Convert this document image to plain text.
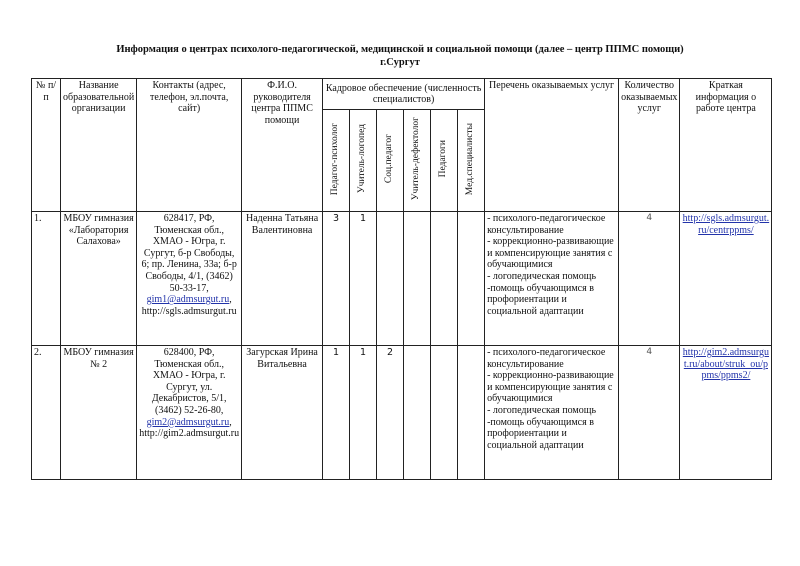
Информация о центрах психолого-педагогической, медицинской и социальной помощи (далее – центр ППМС помощи)
г.Сургут
№ п/п	Название образовательной организации	Контакты (адрес, телефон, эл.почта, сайт)	Ф.И.О. руководителя центра ППМС помощи	Кадровое обеспечение (численность специалистов)						Перечень оказываемых услуг	Количество оказываемых услуг	Краткая информация о работе центра
				Педагог-психолог	Учитель-логопед	Соц.педагог	Учитель-дефектолог	Педагоги	Мед.специалисты			
1.	МБОУ гимназия «Лаборатория Салахова»	628417, РФ, Тюменская обл., ХМАО - Югра, г. Сургут, б-р Свободы, 6; пр. Ленина, 33а; б-р Свободы, 4/1, (3462) 50-33-17, gim1@admsurgut.ru, http://sgls.admsurgut.ru	Наденна Татьяна Валентиновна	3	1					- психолого-педагогическое консультирование
- коррекционно-развивающие и компенсирующие занятия с обучающимися
- логопедическая помощь
-помощь обучающимся в профориентации и социальной адаптации	4	http://sgls.admsurgut.ru/centrppms/
2.	МБОУ гимназия № 2	628400, РФ, Тюменская обл., ХМАО - Югра, г. Сургут, ул. Декабристов, 5/1, (3462) 52-26-80, gim2@admsurgut.ru, http://gim2.admsurgut.ru	Загурская Ирина Витальевна	1	1	2				- психолого-педагогическое консультирование
- коррекционно-развивающие и компенсирующие занятия с обучающимися
- логопедическая помощь
-помощь обучающимся в профориентации и социальной адаптации	4	http://gim2.admsurgut.ru/about/struk_ou/ppms/ppms2/
